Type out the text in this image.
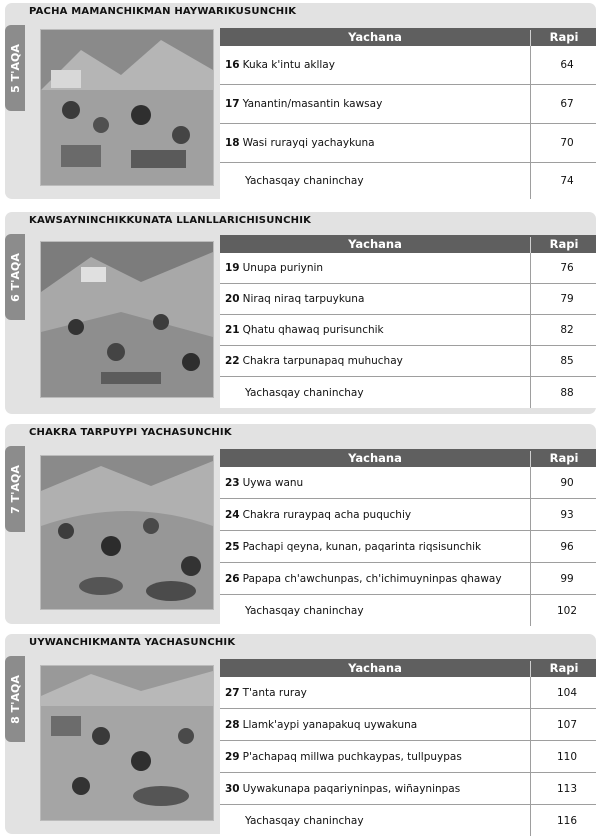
PACHA MAMANCHIKMAN HAYWARIKUSUNCHIK
5 T'AQA
Yachana	Rapi
16 Kuka k'intu akllay	64
17 Yanantin/masantin kawsay	67
18 Wasi rurayqi yachaykuna	70
Yachasqay chaninchay	74
KAWSAYNINCHIKKUNATA LLANLLARICHISUNCHIK
6 T'AQA
Yachana	Rapi
19 Unupa puriynin	76
20 Niraq niraq tarpuykuna	79
21 Qhatu qhawaq purisunchik	82
22 Chakra tarpunapaq muhuchay	85
Yachasqay chaninchay	88
CHAKRA TARPUYPI YACHASUNCHIK
7 T'AQA
Yachana	Rapi
23 Uywa wanu	90
24 Chakra ruraypaq acha puquchiy	93
25 Pachapi qeyna, kunan, paqarinta riqsisunchik	96
26 Papapa ch'awchunpas, ch'ichimuyninpas qhaway	99
Yachasqay chaninchay	102
UYWANCHIKMANTA YACHASUNCHIK
8 T'AQA
Yachana	Rapi
27 T'anta ruray	104
28 Llamk'aypi yanapakuq uywakuna	107
29 P'achapaq millwa puchkaypas, tullpuypas	110
30 Uywakunapa paqariyninpas, wiñayninpas	113
Yachasqay chaninchay	116
